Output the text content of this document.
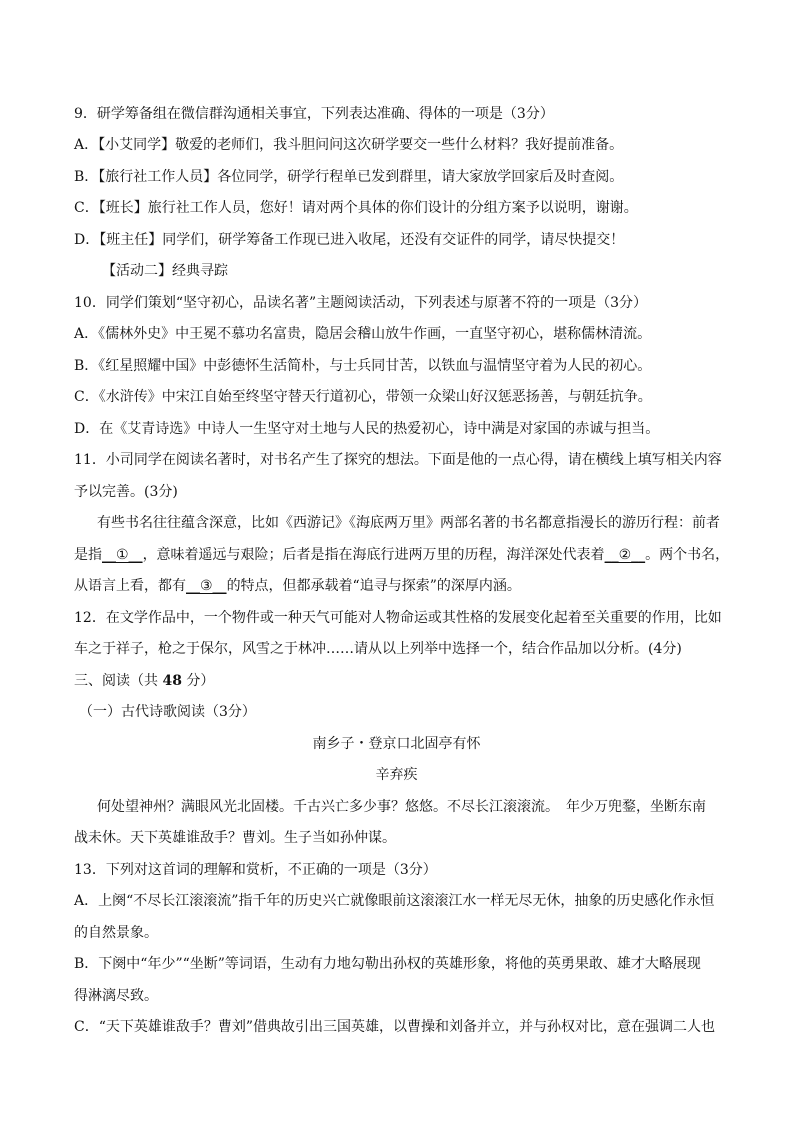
9．研学筹备组在微信群沟通相关事宜，下列表达准确、得体的一项是（3分）
A．【小艾同学】敬爱的老师们，我斗胆问问这次研学要交一些什么材料？我好提前准备。
B．【旅行社工作人员】各位同学，研学行程单已发到群里，请大家放学回家后及时查阅。
C．【班长】旅行社工作人员，您好！请对两个具体的你们设计的分组方案予以说明，谢谢。
D．【班主任】同学们，研学筹备工作现已进入收尾，还没有交证件的同学，请尽快提交！
【活动二】经典寻踪
10．同学们策划“坚守初心，品读名著”主题阅读活动，下列表述与原著不符的一项是（3分）
A．《儒林外史》中王冕不慕功名富贵，隐居会稽山放牛作画，一直坚守初心，堪称儒林清流。
B．《红星照耀中国》中彭德怀生活简朴，与士兵同甘苦，以铁血与温情坚守着为人民的初心。
C．《水浒传》中宋江自始至终坚守替天行道初心，带领一众梁山好汉惩恶扬善，与朝廷抗争。
D．在《艾青诗选》中诗人一生坚守对土地与人民的热爱初心，诗中满是对家国的赤诚与担当。
11．小司同学在阅读名著时，对书名产生了探究的想法。下面是他的一点心得，请在横线上填写相关内容
予以完善。(3分)
有些书名往往蕴含深意，比如《西游记》《海底两万里》两部名著的书名都意指漫长的游历行程：前者
是指__①__，意味着遥远与艰险；后者是指在海底行进两万里的历程，海洋深处代表着__②__。两个书名，
从语言上看，都有__③__的特点，但都承载着“追寻与探索”的深厚内涵。
12．在文学作品中，一个物件或一种天气可能对人物命运或其性格的发展变化起着至关重要的作用，比如
车之于祥子，枪之于保尔，风雪之于林冲……请从以上列举中选择一个，结合作品加以分析。(4分)
三、阅读（共 48 分）
（一）古代诗歌阅读（3分）
南乡子・登京口北固亭有怀
辛弃疾
何处望神州？满眼风光北固楼。千古兴亡多少事？悠悠。不尽长江滚滚流。　年少万兜鍪，坐断东南
战未休。天下英雄谁敌手？曹刘。生子当如孙仲谋。
13．下列对这首词的理解和赏析，不正确的一项是（3分）
A．上阕“不尽长江滚滚流”指千年的历史兴亡就像眼前这滚滚江水一样无尽无休，抽象的历史感化作永恒
的自然景象。
B．下阕中“年少”“坐断”等词语，生动有力地勾勒出孙权的英雄形象，将他的英勇果敢、雄才大略展现
得淋漓尽致。
C．“天下英雄谁敌手？曹刘”借典故引出三国英雄，以曹操和刘备并立，并与孙权对比，意在强调二人也
